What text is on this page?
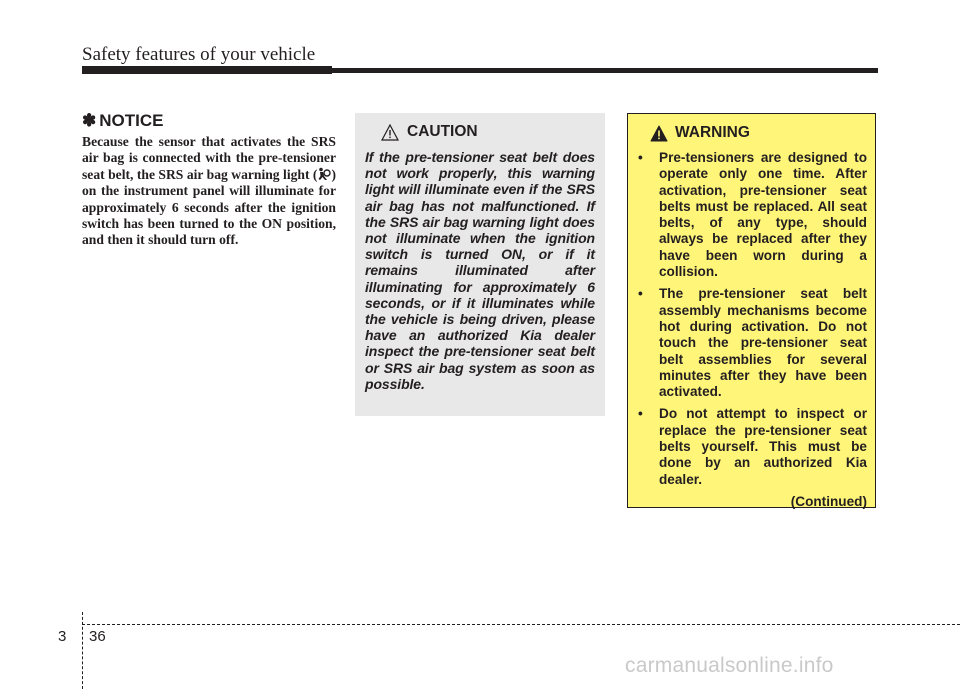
Safety features of your vehicle
✽ NOTICE
Because the sensor that activates the SRS air bag is connected with the pre-tensioner seat belt, the SRS air bag warning light ( ) on the instrument panel will illuminate for approximately 6 seconds after the ignition switch has been turned to the ON position, and then it should turn off.
CAUTION
If the pre-tensioner seat belt does not work properly, this warning light will illuminate even if the SRS air bag has not malfunctioned. If the SRS air bag warning light does not illuminate when the ignition switch is turned ON, or if it remains illuminated after illuminating for approximately 6 seconds, or if it illuminates while the vehicle is being driven, please have an authorized Kia dealer inspect the pre-tensioner seat belt or SRS air bag system as soon as possible.
WARNING
•	Pre-tensioners are designed to operate only one time. After activation, pre-tensioner seat belts must be replaced. All seat belts, of any type, should always be replaced after they have been worn during a collision.
•	The pre-tensioner seat belt assembly mechanisms become hot during activation. Do not touch the pre-tensioner seat belt assemblies for several minutes after they have been activated.
•	Do not attempt to inspect or replace the pre-tensioner seat belts yourself. This must be done by an authorized Kia dealer.
(Continued)
3 36
carmanualsonline.info
